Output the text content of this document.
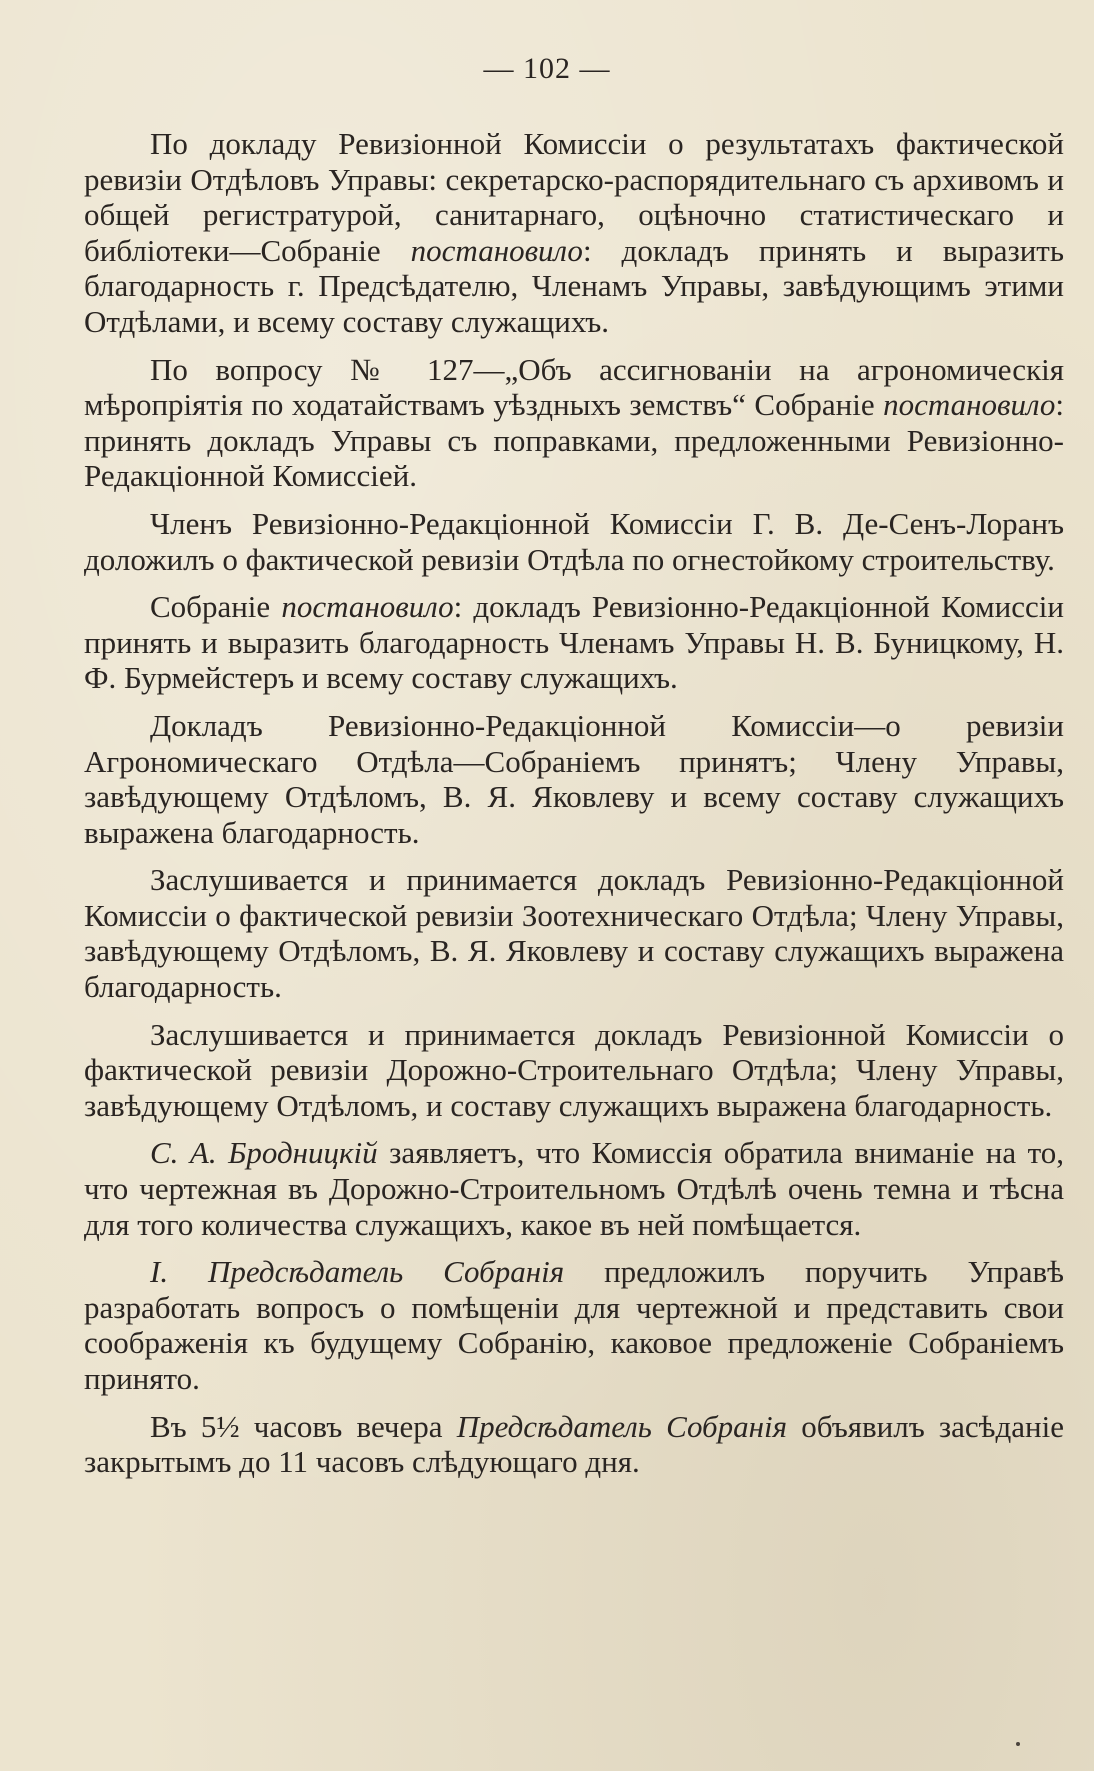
— 102 —

По докладу Ревизіонной Комиссіи о результатахъ фактической ревизіи Отдѣловъ Управы: секретарско-распорядительнаго съ архивомъ и общей регистратурой, санитарнаго, оцѣночно статистическаго и библіотеки—Собраніе постановило: докладъ принять и выразить благодарность г. Предсѣдателю, Членамъ Управы, завѣдующимъ этими Отдѣлами, и всему составу служащихъ.

По вопросу № 127—„Объ ассигнованіи на агрономическія мѣропріятія по ходатайствамъ уѣздныхъ земствъ“ Собраніе постановило: принять докладъ Управы съ поправками, предложенными Ревизіонно-Редакціонной Комиссіей.

Членъ Ревизіонно-Редакціонной Комиссіи Г. В. Де-Сенъ-Лоранъ доложилъ о фактической ревизіи Отдѣла по огнестойкому строительству.

Собраніе постановило: докладъ Ревизіонно-Редакціонной Комиссіи принять и выразить благодарность Членамъ Управы Н. В. Буницкому, Н. Ф. Бурмейстеръ и всему составу служащихъ.

Докладъ Ревизіонно-Редакціонной Комиссіи—о ревизіи Агрономическаго Отдѣла—Собраніемъ принятъ; Члену Управы, завѣдующему Отдѣломъ, В. Я. Яковлеву и всему составу служащихъ выражена благодарность.

Заслушивается и принимается докладъ Ревизіонно-Редакціонной Комиссіи о фактической ревизіи Зоотехническаго Отдѣла; Члену Управы, завѣдующему Отдѣломъ, В. Я. Яковлеву и составу служащихъ выражена благодарность.

Заслушивается и принимается докладъ Ревизіонной Комиссіи о фактической ревизіи Дорожно-Строительнаго Отдѣла; Члену Управы, завѣдующему Отдѣломъ, и составу служащихъ выражена благодарность.

С. А. Бродницкій заявляетъ, что Комиссія обратила вниманіе на то, что чертежная въ Дорожно-Строительномъ Отдѣлѣ очень темна и тѣсна для того количества служащихъ, какое въ ней помѣщается.

І. Предсѣдатель Собранія предложилъ поручить Управѣ разработать вопросъ о помѣщеніи для чертежной и представить свои соображенія къ будущему Собранію, каковое предложеніе Собраніемъ принято.

Въ 5½ часовъ вечера Предсѣдатель Собранія объявилъ засѣданіе закрытымъ до 11 часовъ слѣдующаго дня.
